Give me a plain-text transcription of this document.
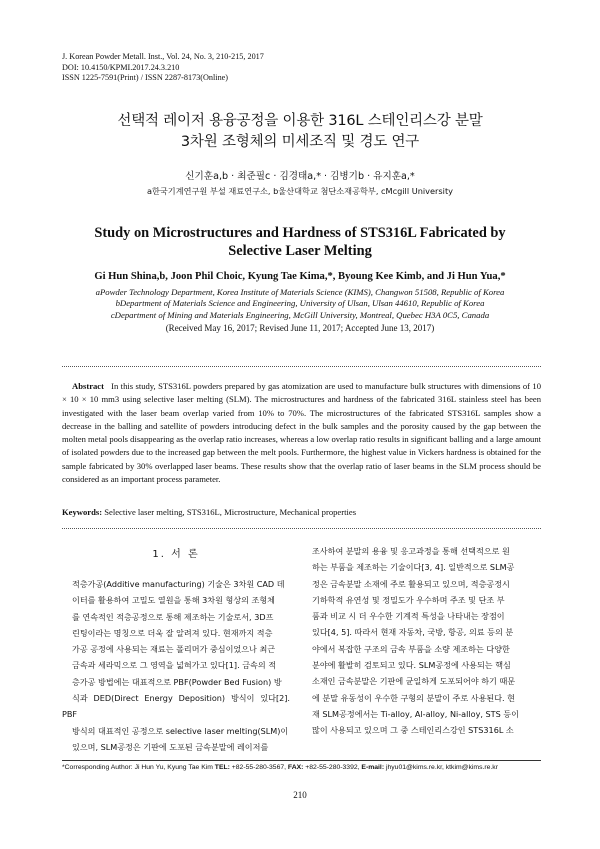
J. Korean Powder Metall. Inst., Vol. 24, No. 3, 210-215, 2017
DOI: 10.4150/KPMI.2017.24.3.210
ISSN 1225-7591(Print) / ISSN 2287-8173(Online)
선택적 레이저 용융공정을 이용한 316L 스테인리스강 분말
3차원 조형체의 미세조직 및 경도 연구
신기훈a,b · 최준필c · 김경태a,* · 김병기b · 유지훈a,*
a한국기계연구원 부설 재료연구소, b울산대학교 첨단소재공학부, cMcgill University
Study on Microstructures and Hardness of STS316L Fabricated by
Selective Laser Melting
Gi Hun Shina,b, Joon Phil Choic, Kyung Tae Kima,*, Byoung Kee Kimb, and Ji Hun Yua,*
aPowder Technology Department, Korea Institute of Materials Science (KIMS), Changwon 51508, Republic of Korea
bDepartment of Materials Science and Engineering, University of Ulsan, Ulsan 44610, Republic of Korea
cDepartment of Mining and Materials Engineering, McGill University, Montreal, Quebec H3A 0C5, Canada
(Received May 16, 2017; Revised June 11, 2017; Accepted June 13, 2017)
Abstract In this study, STS316L powders prepared by gas atomization are used to manufacture bulk structures with dimensions of 10 × 10 × 10 mm3 using selective laser melting (SLM). The microstructures and hardness of the fabricated 316L stainless steel has been investigated with the laser beam overlap varied from 10% to 70%. The microstructures of the fabricated STS316L samples show a decrease in the balling and satellite of powders introducing defect in the bulk samples and the porosity caused by the gap between the molten metal pools disappearing as the overlap ratio increases, whereas a low overlap ratio results in significant balling and a large amount of isolated powders due to the increased gap between the melt pools. Furthermore, the highest value in Vickers hardness is obtained for the sample fabricated by 30% overlapped laser beams. These results show that the overlap ratio of laser beams in the SLM process should be considered as an important process parameter.
Keywords: Selective laser melting, STS316L, Microstructure, Mechanical properties
1. 서 론
적층가공(Additive manufacturing) 기술은 3차원 CAD 데
이터를 활용하여 고밀도 열원을 통해 3차원 형상의 조형체
를 연속적인 적층공정으로 통해 제조하는 기술로서, 3D프
린팅이라는 명칭으로 더욱 잘 알려져 있다. 현재까지 적층
가공 공정에 사용되는 재료는 폴리머가 중심이었으나 최근
금속과 세라믹으로 그 영역을 넓혀가고 있다[1]. 금속의 적
층가공 방법에는 대표적으로 PBF(Powder Bed Fusion) 방
식과 DED(Direct Energy Deposition) 방식이 있다[2]. PBF
방식의 대표적인 공정으로 selective laser melting(SLM)이
있으며, SLM공정은 기판에 도포된 금속분말에 레이저를
조사하여 분말의 용융 및 응고과정을 통해 선택적으로 원
하는 부품을 제조하는 기술이다[3, 4]. 일반적으로 SLM공
정은 금속분말 소재에 주로 활용되고 있으며, 적층공정시
기하학적 유연성 및 정밀도가 우수하며 주조 및 단조 부
품과 비교 시 더 우수한 기계적 특성을 나타내는 장점이
있다[4, 5]. 따라서 현재 자동차, 국방, 항공, 의료 등의 분
야에서 복잡한 구조의 금속 부품을 소량 제조하는 다양한
분야에 활발히 검토되고 있다. SLM공정에 사용되는 핵심
소재인 금속분말은 기판에 균일하게 도포되어야 하기 때문
에 분말 유동성이 우수한 구형의 분말이 주로 사용된다. 현
재 SLM공정에서는 Ti-alloy, Al-alloy, Ni-alloy, STS 등이
많이 사용되고 있으며 그 중 스테인리스강인 STS316L 소
*Corresponding Author: Ji Hun Yu, Kyung Tae Kim TEL: +82-55-280-3567, FAX: +82-55-280-3392, E-mail: jhyu01@kims.re.kr, ktkim@kims.re.kr
210
